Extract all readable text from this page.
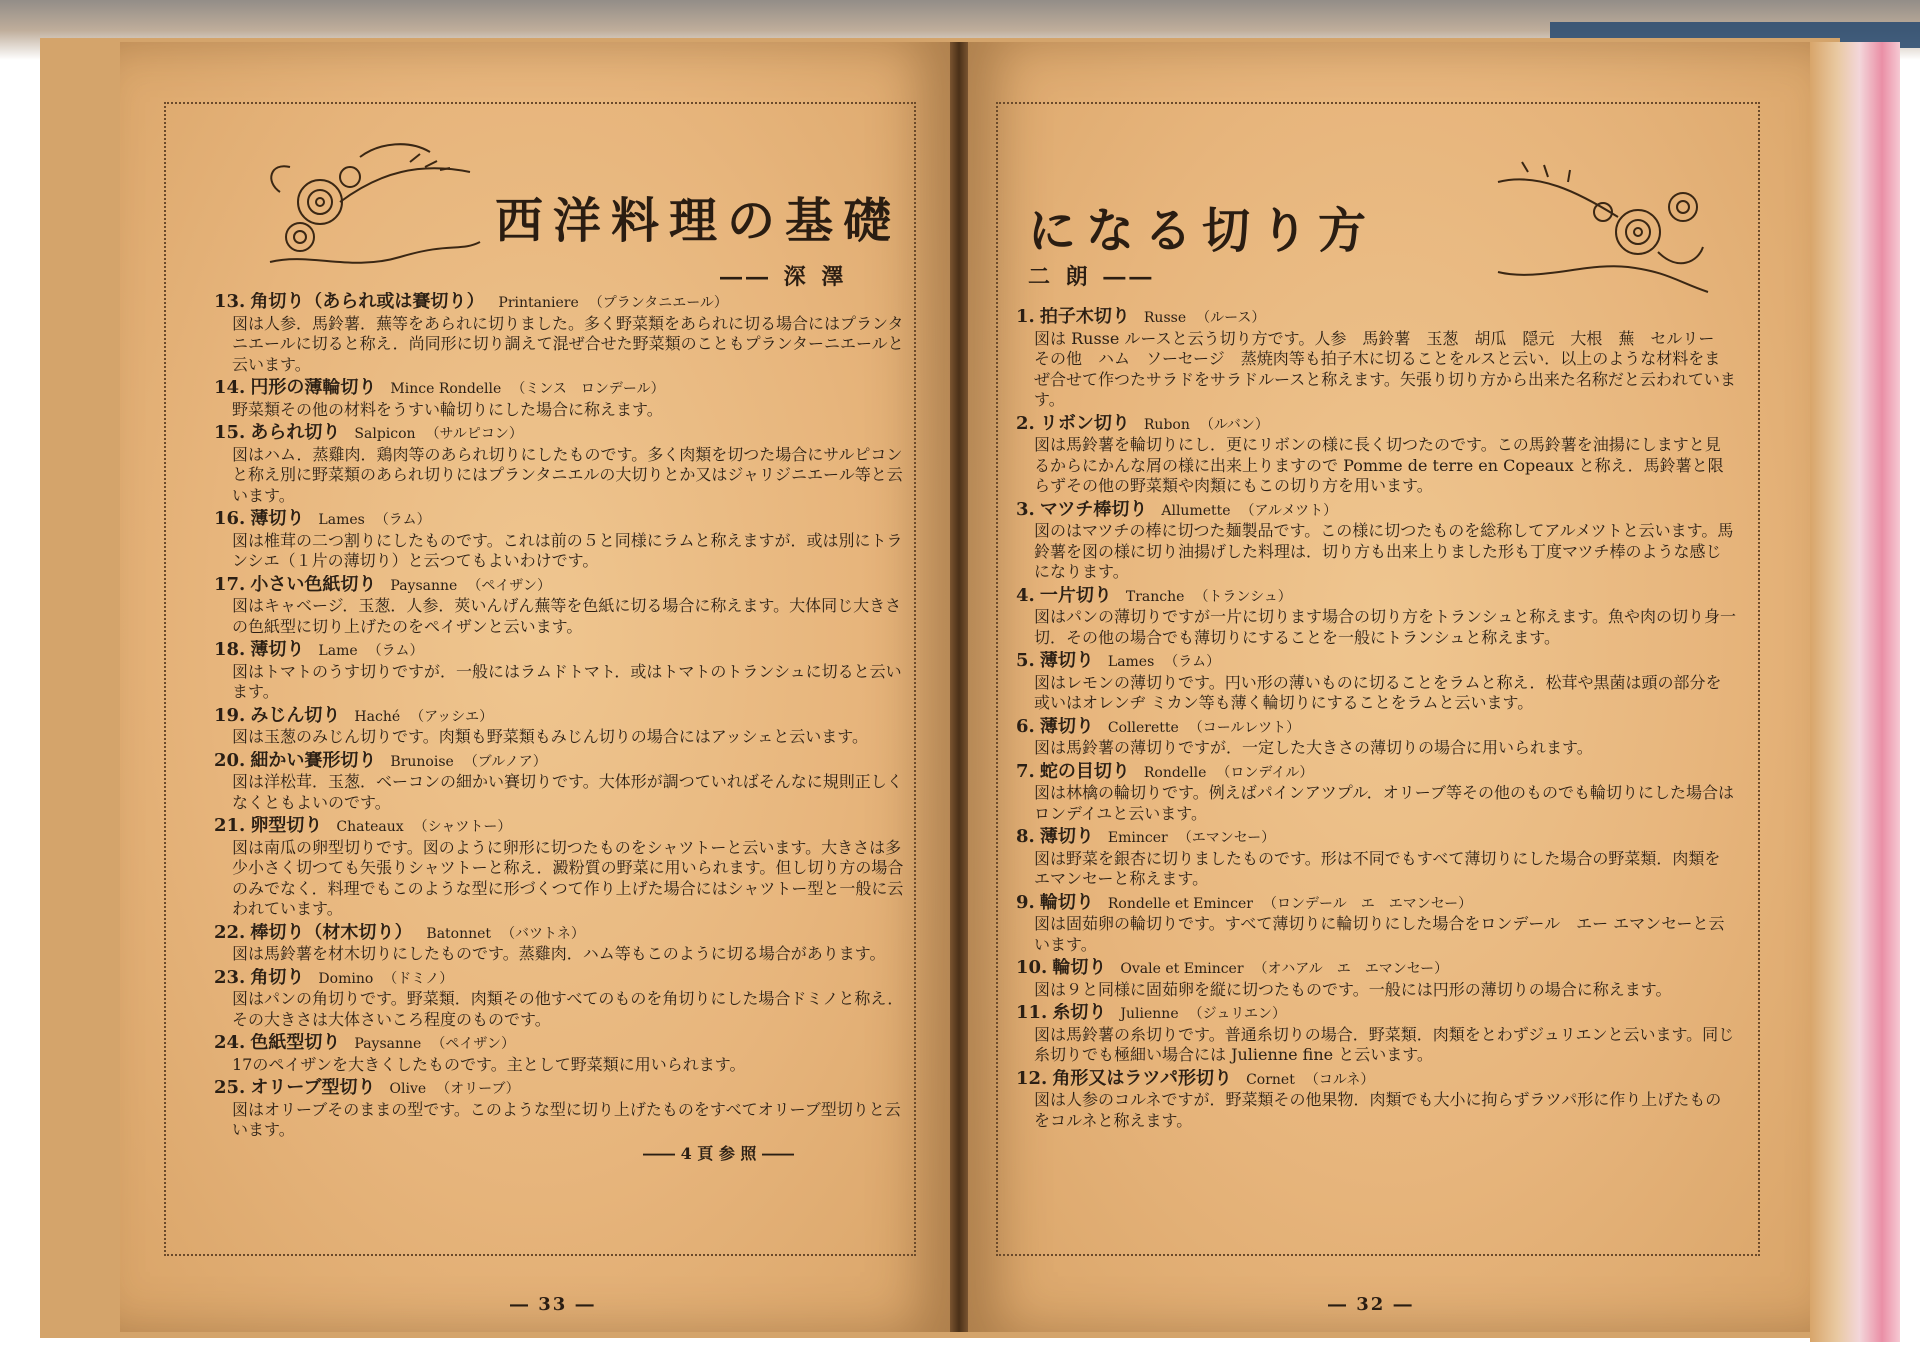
西洋料理の基礎
―― 深 澤
13. 角切り（あられ或は賽切り） Printaniere （プランタニエール）
図は人参．馬鈴薯．蕪等をあられに切りました。多く野菜類をあられに切る場合にはプランタニエールに切ると称え．尚同形に切り調えて混ぜ合せた野菜類のこともプランターニエールと云います。
14. 円形の薄輪切り Mince Rondelle （ミンス　ロンデール）
野菜類その他の材料をうすい輪切りにした場合に称えます。
15. あられ切り Salpicon （サルピコン）
図はハム．蒸雞肉．鶏肉等のあられ切りにしたものです。多く肉類を切つた場合にサルピコンと称え別に野菜類のあられ切りにはプランタニエルの大切りとか又はジャリジニエール等と云います。
16. 薄切り Lames （ラム）
図は椎茸の二つ割りにしたものです。これは前の５と同様にラムと称えますが．或は別にトランシエ（１片の薄切り）と云つてもよいわけです。
17. 小さい色紙切り Paysanne （ペイザン）
図はキャベージ．玉葱．人参．莢いんげん蕪等を色紙に切る場合に称えます。大体同じ大きさの色紙型に切り上げたのをペイザンと云います。
18. 薄切り Lame （ラム）
図はトマトのうす切りですが．一般にはラムドトマト．或はトマトのトランシュに切ると云います。
19. みじん切り Haché （アッシエ）
図は玉葱のみじん切りです。肉類も野菜類もみじん切りの場合にはアッシェと云います。
20. 細かい賽形切り Brunoise （ブルノア）
図は洋松茸．玉葱．ベーコンの細かい賽切りです。大体形が調つていればそんなに規則正しくなくともよいのです。
21. 卵型切り Chateaux （シャツトー）
図は南瓜の卵型切りです。図のように卵形に切つたものをシャツトーと云います。大きさは多少小さく切つても矢張りシャツトーと称え．澱粉質の野菜に用いられます。但し切り方の場合のみでなく．料理でもこのような型に形づくつて作り上げた場合にはシャツトー型と一般に云われています。
22. 棒切り（材木切り） Batonnet （バツトネ）
図は馬鈴薯を材木切りにしたものです。蒸雞肉．ハム等もこのように切る場合があります。
23. 角切り Domino （ドミノ）
図はパンの角切りです。野菜類．肉類その他すべてのものを角切りにした場合ドミノと称え．その大きさは大体さいころ程度のものです。
24. 色紙型切り Paysanne （ペイザン）
17のペイザンを大きくしたものです。主として野菜類に用いられます。
25. オリーブ型切り Olive （オリーブ）
図はオリーブそのままの型です。このような型に切り上げたものをすべてオリーブ型切りと云います。
―― 4 頁 参 照 ――
― 33 ―
になる切り方
二 朗 ――
1. 拍子木切り Russe （ルース）
図は Russe ルースと云う切り方です。人参　馬鈴薯　玉葱　胡瓜　隠元　大根　蕪　セルリー　その他　ハム　ソーセージ　蒸焼肉等も拍子木に切ることをルスと云い．以上のような材料をまぜ合せて作つたサラドをサラドルースと称えます。矢張り切り方から出来た名称だと云われています。
2. リボン切り Rubon （ルバン）
図は馬鈴薯を輪切りにし．更にリボンの様に長く切つたのです。この馬鈴薯を油揚にしますと見るからにかんな屑の様に出来上りますので Pomme de terre en Copeaux と称え．馬鈴薯と限らずその他の野菜類や肉類にもこの切り方を用います。
3. マツチ棒切り Allumette （アルメツト）
図のはマツチの棒に切つた麺製品です。この様に切つたものを総称してアルメツトと云います。馬鈴薯を図の様に切り油揚げした料理は．切り方も出来上りました形も丁度マツチ棒のような感じになります。
4. 一片切り Tranche （トランシュ）
図はパンの薄切りですが一片に切ります場合の切り方をトランシュと称えます。魚や肉の切り身一切．その他の場合でも薄切りにすることを一般にトランシュと称えます。
5. 薄切り Lames （ラム）
図はレモンの薄切りです。円い形の薄いものに切ることをラムと称え．松茸や黒菌は頭の部分を或いはオレンヂ ミカン等も薄く輪切りにすることをラムと云います。
6. 薄切り Collerette （コールレツト）
図は馬鈴薯の薄切りですが．一定した大きさの薄切りの場合に用いられます。
7. 蛇の目切り Rondelle （ロンデイル）
図は林檎の輪切りです。例えばパインアツプル．オリーブ等その他のものでも輪切りにした場合はロンデイユと云います。
8. 薄切り Emincer （エマンセー）
図は野菜を銀杏に切りましたものです。形は不同でもすべて薄切りにした場合の野菜類．肉類をエマンセーと称えます。
9. 輪切り Rondelle et Emincer （ロンデール　エ　エマンセー）
図は固茹卵の輪切りです。すべて薄切りに輪切りにした場合をロンデール　エー エマンセーと云います。
10. 輪切り Ovale et Emincer （オハアル　エ　エマンセー）
図は９と同様に固茹卵を縦に切つたものです。一般には円形の薄切りの場合に称えます。
11. 糸切り Julienne （ジュリエン）
図は馬鈴薯の糸切りです。普通糸切りの場合．野菜類．肉類をとわずジュリエンと云います。同じ糸切りでも極細い場合には Julienne fine と云います。
12. 角形又はラツパ形切り Cornet （コルネ）
図は人参のコルネですが．野菜類その他果物．肉類でも大小に拘らずラツパ形に作り上げたものをコルネと称えます。
― 32 ―
